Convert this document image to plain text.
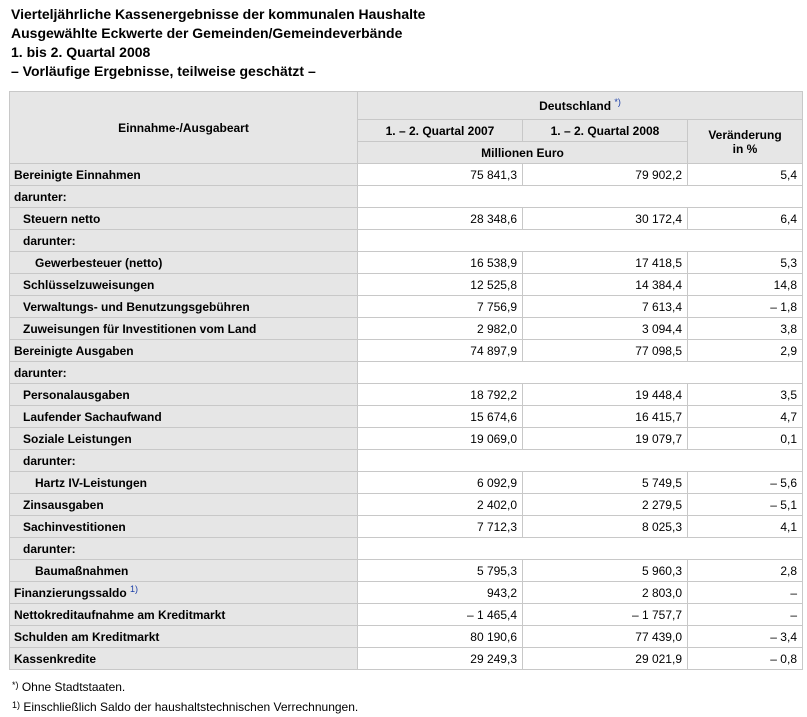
Vierteljährliche Kassenergebnisse der kommunalen Haushalte
Ausgewählte Eckwerte der Gemeinden/Gemeindeverbände
1. bis 2. Quartal 2008
– Vorläufige Ergebnisse, teilweise geschätzt –
Einnahme-/Ausgabeart	Deutschland *)
	1. – 2. Quartal 2007	1. – 2. Quartal 2008	Veränderung
in %
	Millionen Euro		
Bereinigte Einnahmen	75 841,3	79 902,2	5,4
darunter:			
Steuern netto	28 348,6	30 172,4	6,4
darunter:			
Gewerbesteuer (netto)	16 538,9	17 418,5	5,3
Schlüsselzuweisungen	12 525,8	14 384,4	14,8
Verwaltungs- und Benutzungsgebühren	7 756,9	7 613,4	– 1,8
Zuweisungen für Investitionen vom Land	2 982,0	3 094,4	3,8
Bereinigte Ausgaben	74 897,9	77 098,5	2,9
darunter:			
Personalausgaben	18 792,2	19 448,4	3,5
Laufender Sachaufwand	15 674,6	16 415,7	4,7
Soziale Leistungen	19 069,0	19 079,7	0,1
darunter:			
Hartz IV-Leistungen	6 092,9	5 749,5	– 5,6
Zinsausgaben	2 402,0	2 279,5	– 5,1
Sachinvestitionen	7 712,3	8 025,3	4,1
darunter:			
Baumaßnahmen	5 795,3	5 960,3	2,8
Finanzierungssaldo $^{1)}$	943,2	2 803,0	–
Nettokreditaufnahme am Kreditmarkt	– 1 465,4	– 1 757,7	–
Schulden am Kreditmarkt	80 190,6	77 439,0	– 3,4
Kassenkredite	29 249,3	29 021,9	– 0,8
*) Ohne Stadtstaaten.
$^{1)}$ Einschließlich Saldo der haushaltstechnischen Verrechnungen.
